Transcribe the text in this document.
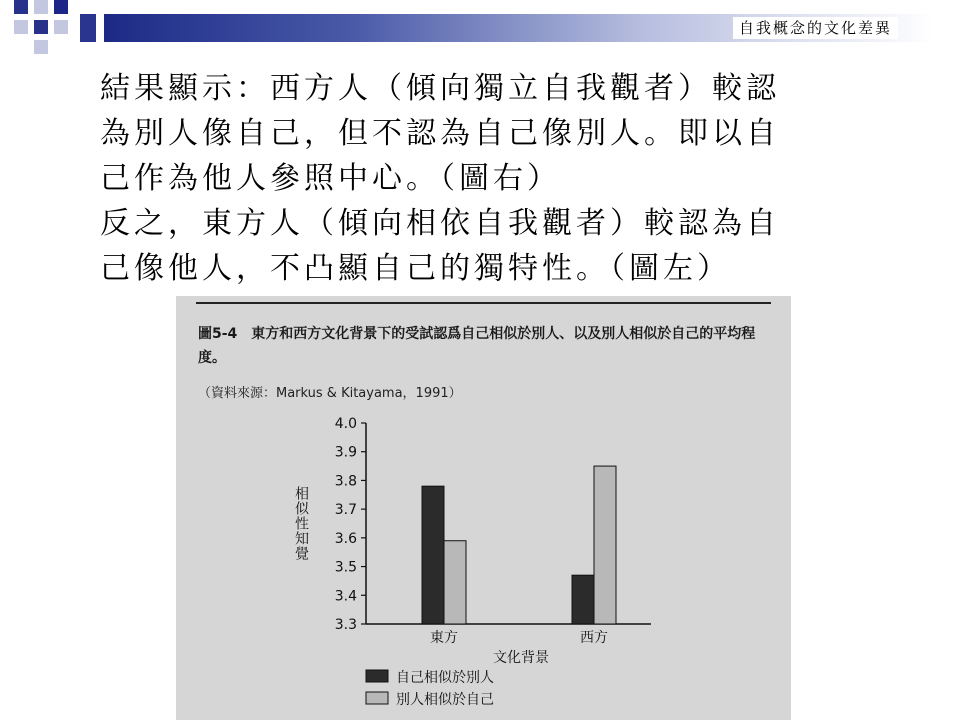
自我概念的文化差異
結果顯示：西方人（傾向獨立自我觀者）較認
為別人像自己，但不認為自己像別人。即以自
己作為他人參照中心。（圖右）
反之，東方人（傾向相依自我觀者）較認為自
己像他人，不凸顯自己的獨特性。（圖左）

圖5-4　東方和西方文化背景下的受試認爲自己相似於別人、以及別人相似於自己的平均程度。

（資料來源：Markus & Kitayama，1991）
4.0
3.9
3.8
3.7
3.6
3.5
3.4
3.3
東方	西方
相似性知覺
文化背景
自己相似於別人
別人相似於自己
